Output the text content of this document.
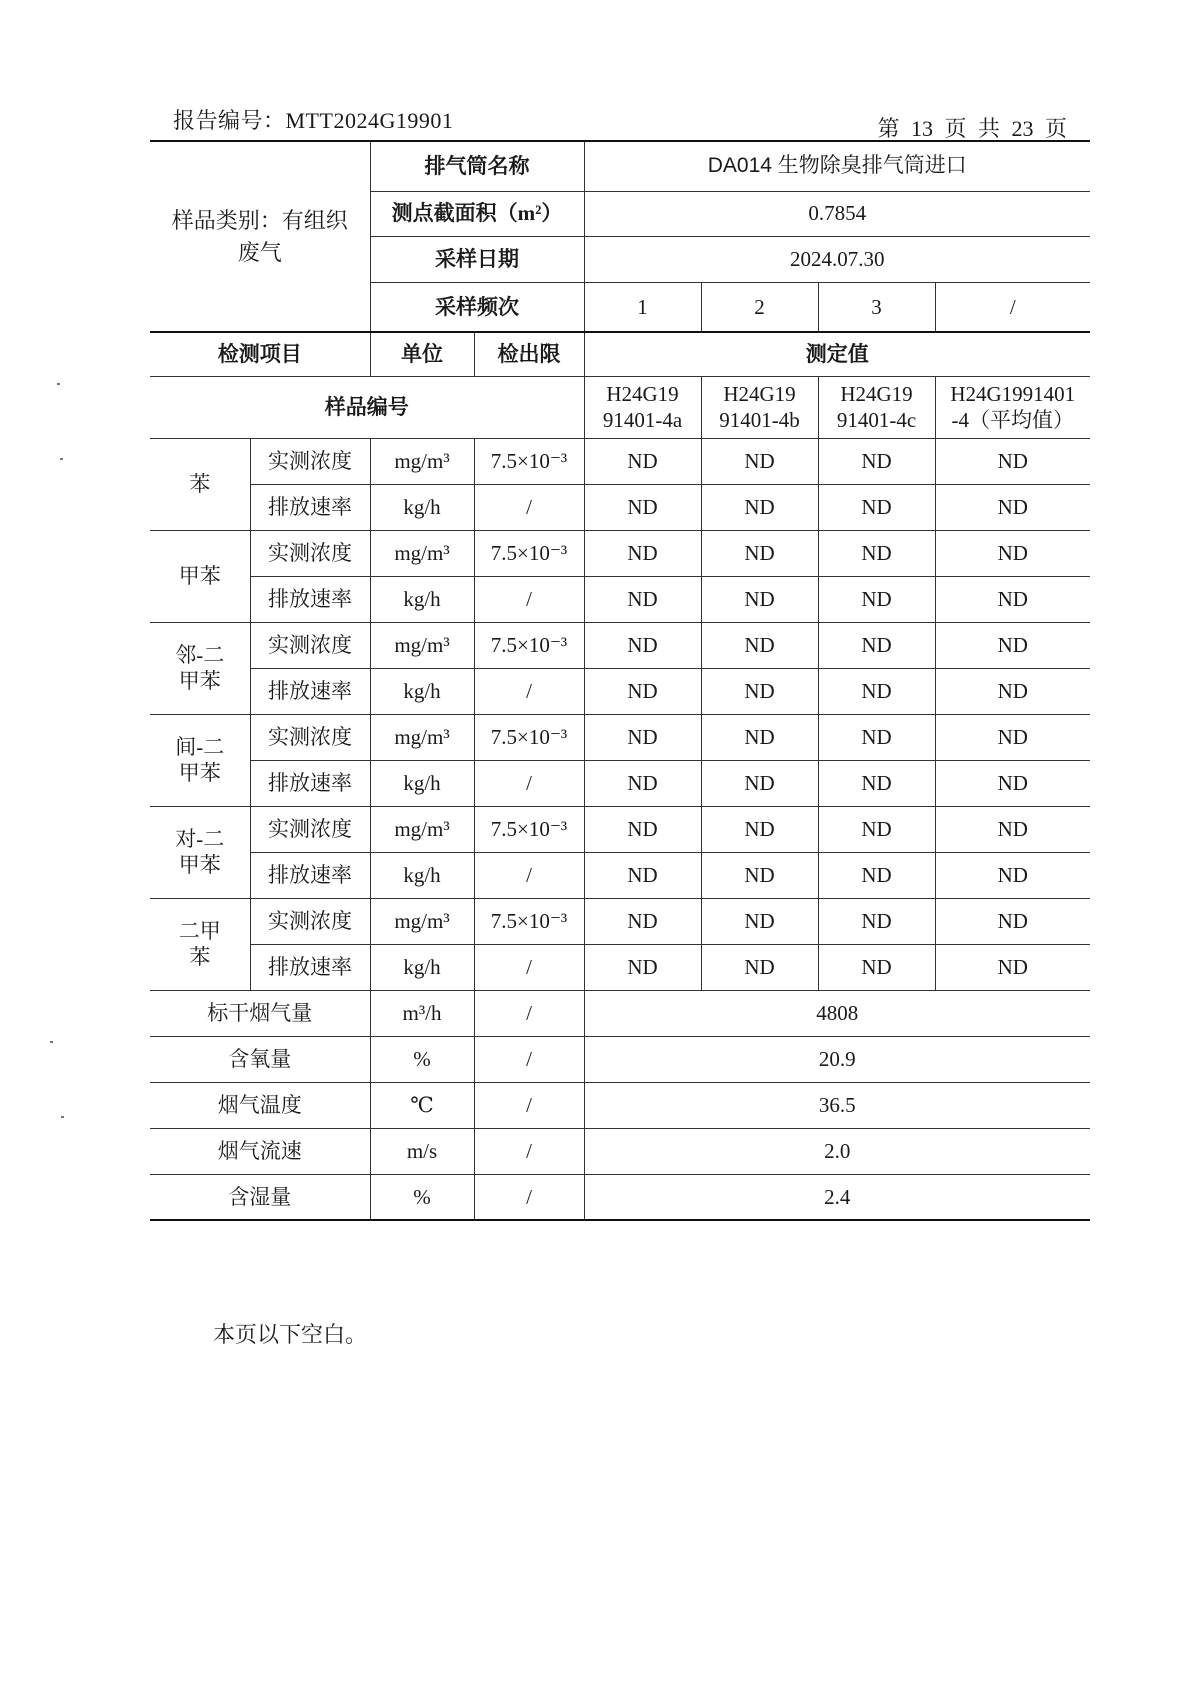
报告编号：MTT2024G19901	第 13 页 共 23 页
样品类别：有组织废气		排气筒名称		DA014 生物除臭排气筒进口			
		测点截面积（m²）		0.7854			
		采样日期		2024.07.30			
		采样频次		1	2	3	/
检测项目		单位	检出限	测定值			
样品编号				H24G19 91401-4a	H24G19 91401-4b	H24G19 91401-4c	H24G1991401 -4（平均值）

苯	实测浓度	mg/m³	7.5×10⁻³	ND	ND	ND	ND
	排放速率	kg/h	/	ND	ND	ND	ND

甲苯	实测浓度	mg/m³	7.5×10⁻³	ND	ND	ND	ND
	排放速率	kg/h	/	ND	ND	ND	ND

邻-二甲苯	实测浓度	mg/m³	7.5×10⁻³	ND	ND	ND	ND
	排放速率	kg/h	/	ND	ND	ND	ND

间-二甲苯	实测浓度	mg/m³	7.5×10⁻³	ND	ND	ND	ND
	排放速率	kg/h	/	ND	ND	ND	ND

对-二甲苯	实测浓度	mg/m³	7.5×10⁻³	ND	ND	ND	ND
	排放速率	kg/h	/	ND	ND	ND	ND

二甲苯	实测浓度	mg/m³	7.5×10⁻³	ND	ND	ND	ND
	排放速率	kg/h	/	ND	ND	ND	ND
标干烟气量		m³/h	/	4808			
含氧量		%	/	20.9			
烟气温度		℃	/	36.5			
烟气流速		m/s	/	2.0			
含湿量		%	/	2.4			
本页以下空白。
